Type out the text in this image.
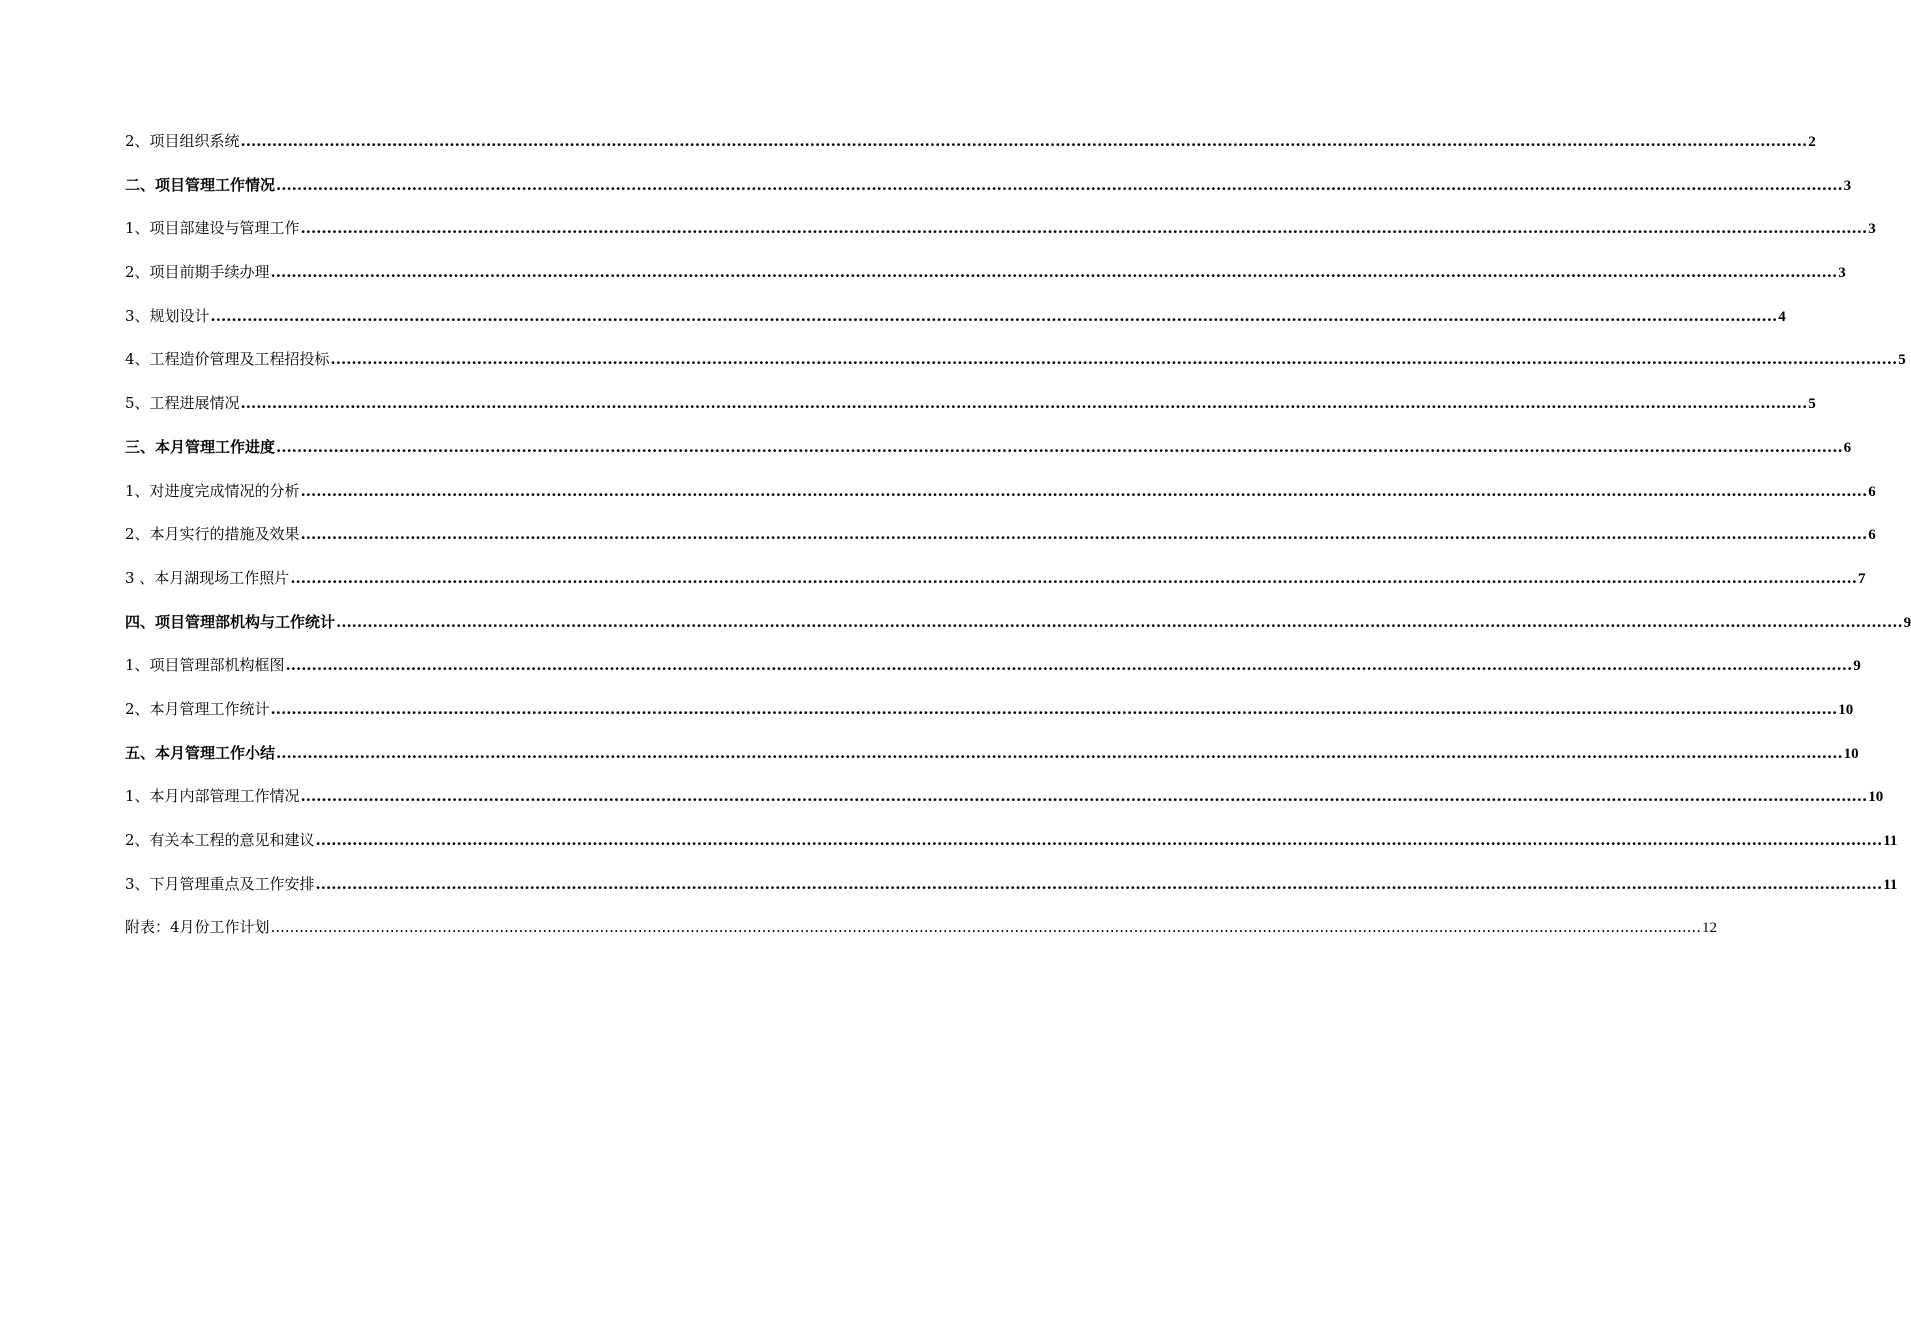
2、项目组织系统 ............................................................................................................................................................................................................................................................................................................ 2
二、项目管理工作情况 ............................................................................................................................................................................................................................................................................................................ 3
1、项目部建设与管理工作 ............................................................................................................................................................................................................................................................................................................ 3
2、项目前期手续办理 ............................................................................................................................................................................................................................................................................................................ 3
3、规划设计 ............................................................................................................................................................................................................................................................................................................ 4
4、工程造价管理及工程招投标 ............................................................................................................................................................................................................................................................................................................ 5
5、工程进展情况 ............................................................................................................................................................................................................................................................................................................ 5
三、本月管理工作进度 ............................................................................................................................................................................................................................................................................................................ 6
1、对进度完成情况的分析 ............................................................................................................................................................................................................................................................................................................ 6
2、本月实行的措施及效果 ............................................................................................................................................................................................................................................................................................................ 6
3 、本月湖现场工作照片 ............................................................................................................................................................................................................................................................................................................ 7
四、项目管理部机构与工作统计 ............................................................................................................................................................................................................................................................................................................ 9
1、项目管理部机构框图 ............................................................................................................................................................................................................................................................................................................ 9
2、本月管理工作统计 ............................................................................................................................................................................................................................................................................................................ 10
五、本月管理工作小结 ............................................................................................................................................................................................................................................................................................................ 10
1、本月内部管理工作情况 ............................................................................................................................................................................................................................................................................................................ 10
2、有关本工程的意见和建议 ............................................................................................................................................................................................................................................................................................................ 11
3、下月管理重点及工作安排 ............................................................................................................................................................................................................................................................................................................ 11
附表：4月份工作计划 ............................................................................................................................................................................................................................................................................................................ 12
